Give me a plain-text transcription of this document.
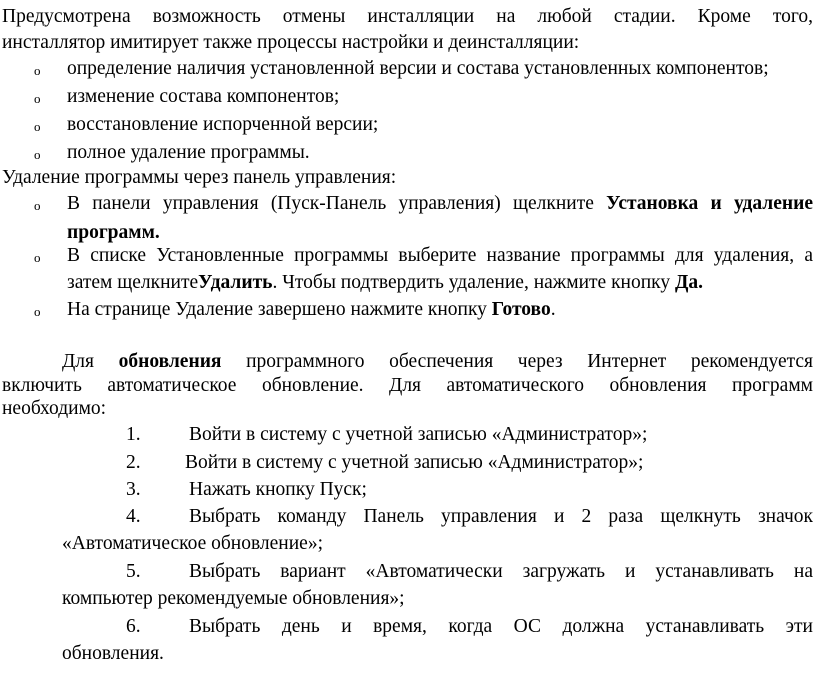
Предусмотрена возможность отмены инсталляции на любой стадии. Кроме того,
инсталлятор имитирует также процессы настройки и деинсталляции:
o определение наличия установленной версии и состава установленных компонентов;
o изменение состава компонентов;
o восстановление испорченной версии;
o полное удаление программы.
Удаление программы через панель управления:
o В панели управления (Пуск-Панель управления) щелкните Установка и удаление
программ.
o В списке Установленные программы выберите название программы для удаления, а
затем щелкнитеУдалить. Чтобы подтвердить удаление, нажмите кнопку Да.
o На странице Удаление завершено нажмите кнопку Готово.
Для обновления программного обеспечения через Интернет рекомендуется
включить автоматическое обновление. Для автоматического обновления программ
необходимо:
1. Войти в систему с учетной записью «Администратор»;
2. Войти в систему с учетной записью «Администратор»;
3. Нажать кнопку Пуск;
4. Выбрать команду Панель управления и 2 раза щелкнуть значок
«Автоматическое обновление»;
5. Выбрать вариант «Автоматически загружать и устанавливать на
компьютер рекомендуемые обновления»;
6. Выбрать день и время, когда ОС должна устанавливать эти
обновления.
